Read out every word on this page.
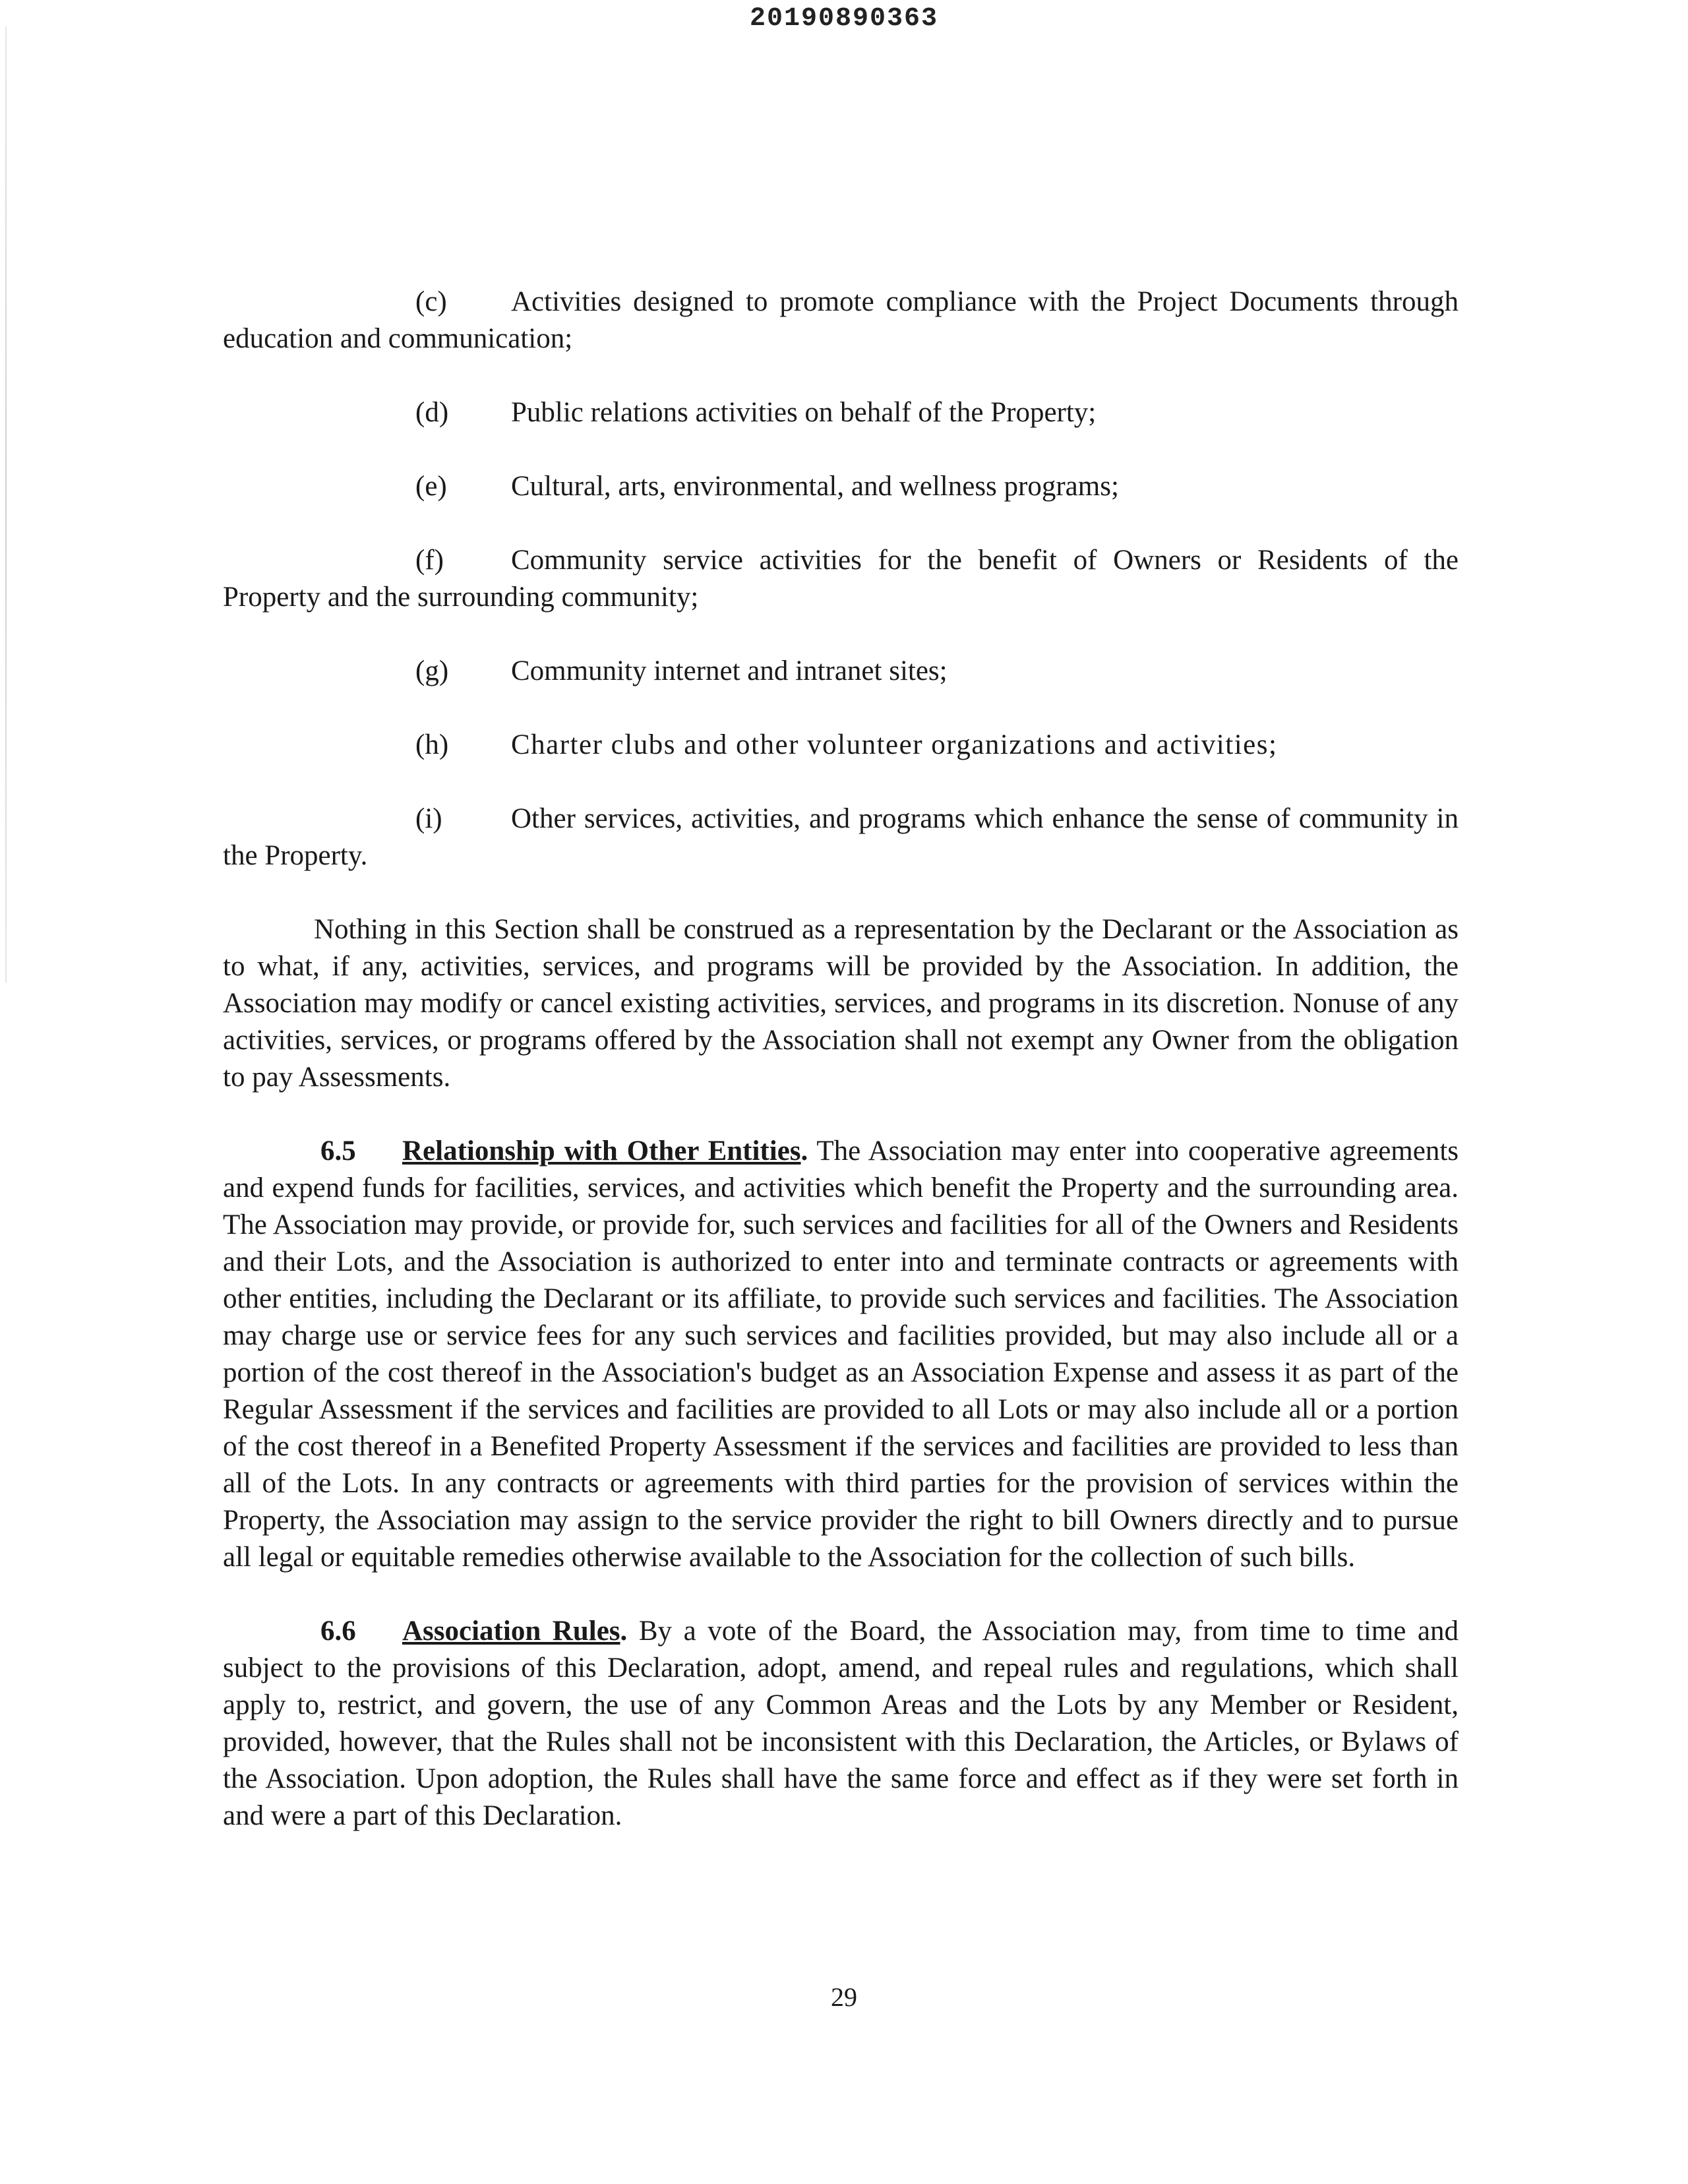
20190890363
(c) Activities designed to promote compliance with the Project Documents through education and communication;
(d) Public relations activities on behalf of the Property;
(e) Cultural, arts, environmental, and wellness programs;
(f) Community service activities for the benefit of Owners or Residents of the Property and the surrounding community;
(g) Community internet and intranet sites;
(h) Charter clubs and other volunteer organizations and activities;
(i) Other services, activities, and programs which enhance the sense of community in the Property.

Nothing in this Section shall be construed as a representation by the Declarant or the Association as to what, if any, activities, services, and programs will be provided by the Association. In addition, the Association may modify or cancel existing activities, services, and programs in its discretion. Nonuse of any activities, services, or programs offered by the Association shall not exempt any Owner from the obligation to pay Assessments.

6.5 Relationship with Other Entities. The Association may enter into cooperative agreements and expend funds for facilities, services, and activities which benefit the Property and the surrounding area. The Association may provide, or provide for, such services and facilities for all of the Owners and Residents and their Lots, and the Association is authorized to enter into and terminate contracts or agreements with other entities, including the Declarant or its affiliate, to provide such services and facilities. The Association may charge use or service fees for any such services and facilities provided, but may also include all or a portion of the cost thereof in the Association's budget as an Association Expense and assess it as part of the Regular Assessment if the services and facilities are provided to all Lots or may also include all or a portion of the cost thereof in a Benefited Property Assessment if the services and facilities are provided to less than all of the Lots. In any contracts or agreements with third parties for the provision of services within the Property, the Association may assign to the service provider the right to bill Owners directly and to pursue all legal or equitable remedies otherwise available to the Association for the collection of such bills.

6.6 Association Rules. By a vote of the Board, the Association may, from time to time and subject to the provisions of this Declaration, adopt, amend, and repeal rules and regulations, which shall apply to, restrict, and govern, the use of any Common Areas and the Lots by any Member or Resident, provided, however, that the Rules shall not be inconsistent with this Declaration, the Articles, or Bylaws of the Association. Upon adoption, the Rules shall have the same force and effect as if they were set forth in and were a part of this Declaration.

29
